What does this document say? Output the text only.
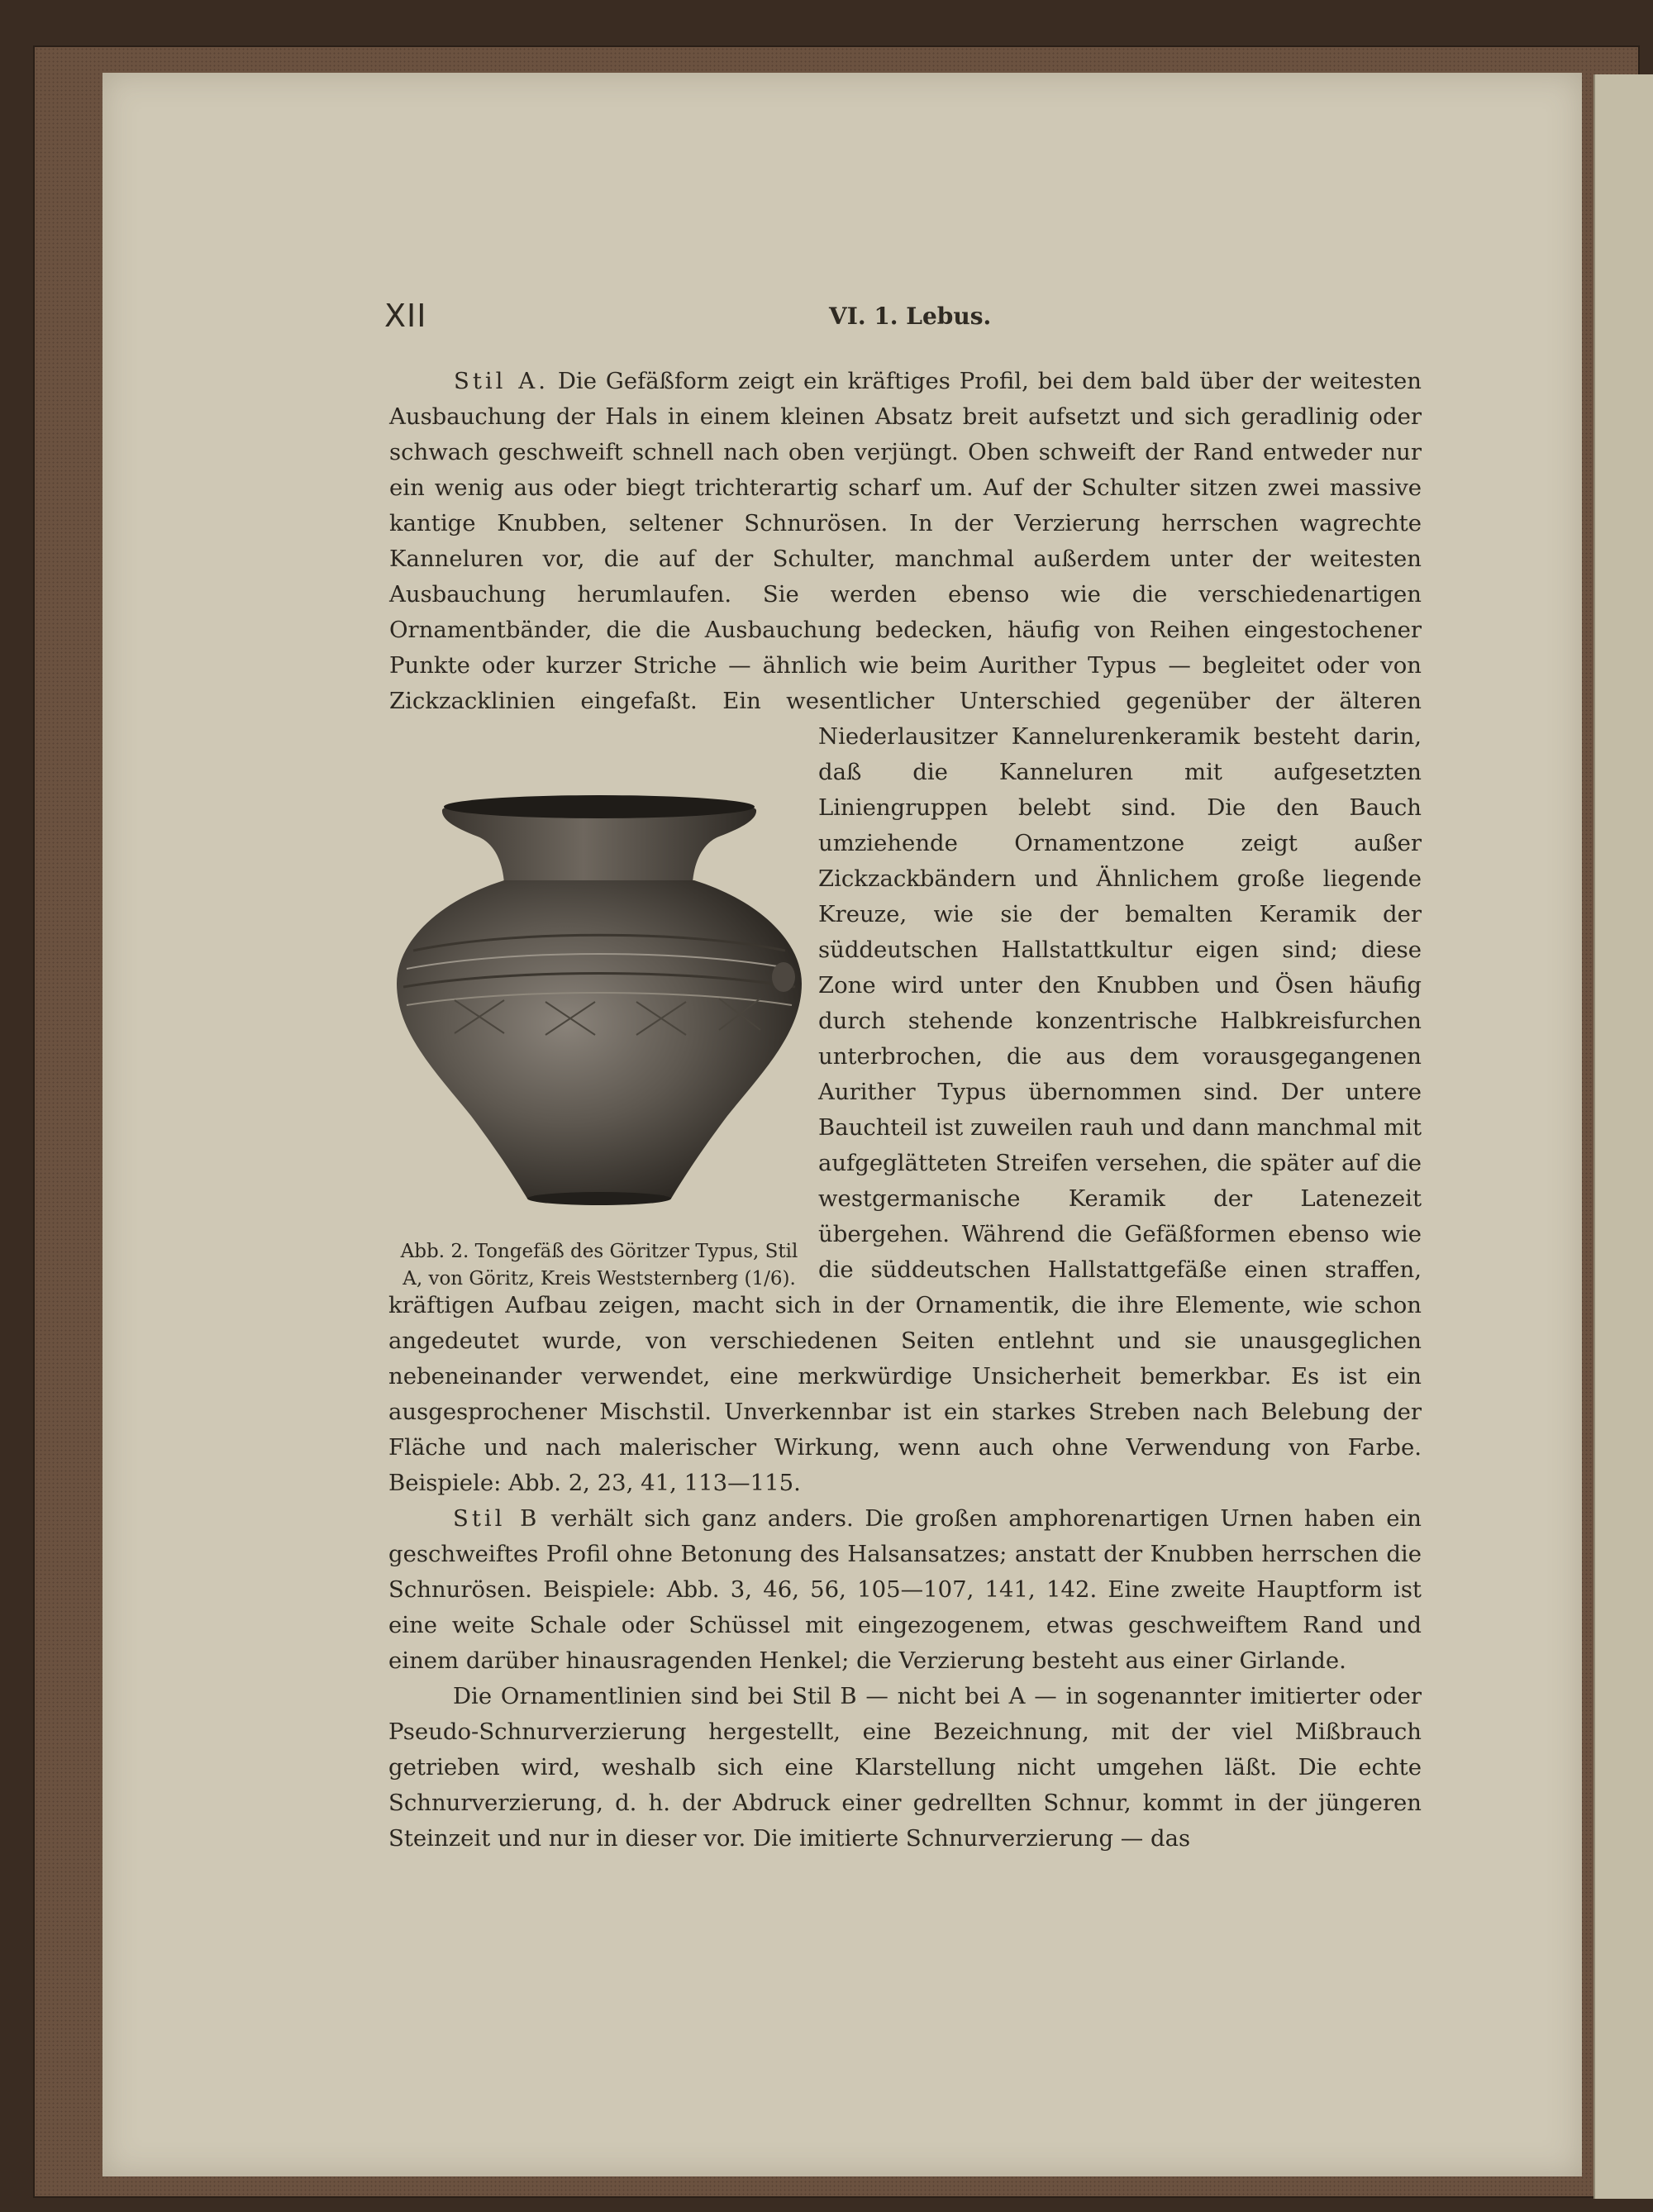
XII	VI. 1. Lebus.

Stil A. Die Gefäßform zeigt ein kräftiges Profil, bei dem bald über der weitesten Ausbauchung der Hals in einem kleinen Absatz breit aufsetzt und sich geradlinig oder schwach geschweift schnell nach oben verjüngt. Oben schweift der Rand entweder nur ein wenig aus oder biegt trichterartig scharf um. Auf der Schulter sitzen zwei massive kantige Knubben, seltener Schnurösen. In der Verzierung herrschen wagrechte Kanneluren vor, die auf der Schulter, manchmal außerdem unter der weitesten Ausbauchung herumlaufen. Sie werden ebenso wie die verschiedenartigen Ornamentbänder, die die Ausbauchung bedecken, häufig von Reihen eingestochener Punkte oder kurzer Striche — ähnlich wie beim Aurither Typus — begleitet oder von Zickzacklinien eingefaßt. Ein wesentlicher Unterschied gegenüber der älteren Niederlausitzer Kannelurenkeramik besteht darin, daß die Kanneluren mit aufgesetzten Liniengruppen belebt sind. Die den Bauch umziehende Ornamentzone zeigt außer Zickzackbändern und Ähnlichem große liegende Kreuze, wie sie der bemalten Keramik der süddeutschen Hallstattkultur eigen sind; diese Zone wird unter den Knubben und Ösen häufig durch stehende konzentrische Halbkreisfurchen unterbrochen, die aus dem vorausgegangenen Aurither Typus übernommen sind. Der untere Bauchteil ist zuweilen rauh und dann manchmal mit aufgeglätteten Streifen versehen, die später auf die westgermanische Keramik der Latenezeit übergehen. Während die Gefäßformen ebenso wie die süddeutschen Hallstattgefäße einen straffen, kräftigen Aufbau zeigen, macht sich in der Ornamentik, die ihre Elemente, wie schon angedeutet wurde, von verschiedenen Seiten entlehnt und sie unausgeglichen nebeneinander verwendet, eine merkwürdige Unsicherheit bemerkbar. Es ist ein ausgesprochener Mischstil. Unverkennbar ist ein starkes Streben nach Belebung der Fläche und nach malerischer Wirkung, wenn auch ohne Verwendung von Farbe. Beispiele: Abb. 2, 23, 41, 113—115.

Stil B verhält sich ganz anders. Die großen amphorenartigen Urnen haben ein geschweiftes Profil ohne Betonung des Halsansatzes; anstatt der Knubben herrschen die Schnurösen. Beispiele: Abb. 3, 46, 56, 105—107, 141, 142. Eine zweite Hauptform ist eine weite Schale oder Schüssel mit eingezogenem, etwas geschweiftem Rand und einem darüber hinausragenden Henkel; die Verzierung besteht aus einer Girlande.

Die Ornamentlinien sind bei Stil B — nicht bei A — in sogenannter imitierter oder Pseudo-Schnurverzierung hergestellt, eine Bezeichnung, mit der viel Mißbrauch getrieben wird, weshalb sich eine Klarstellung nicht umgehen läßt. Die echte Schnurverzierung, d. h. der Abdruck einer gedrellten Schnur, kommt in der jüngeren Steinzeit und nur in dieser vor. Die imitierte Schnurverzierung — das

Abb. 2. Tongefäß des Göritzer Typus, Stil A, von Göritz, Kreis Weststernberg (1/6).
